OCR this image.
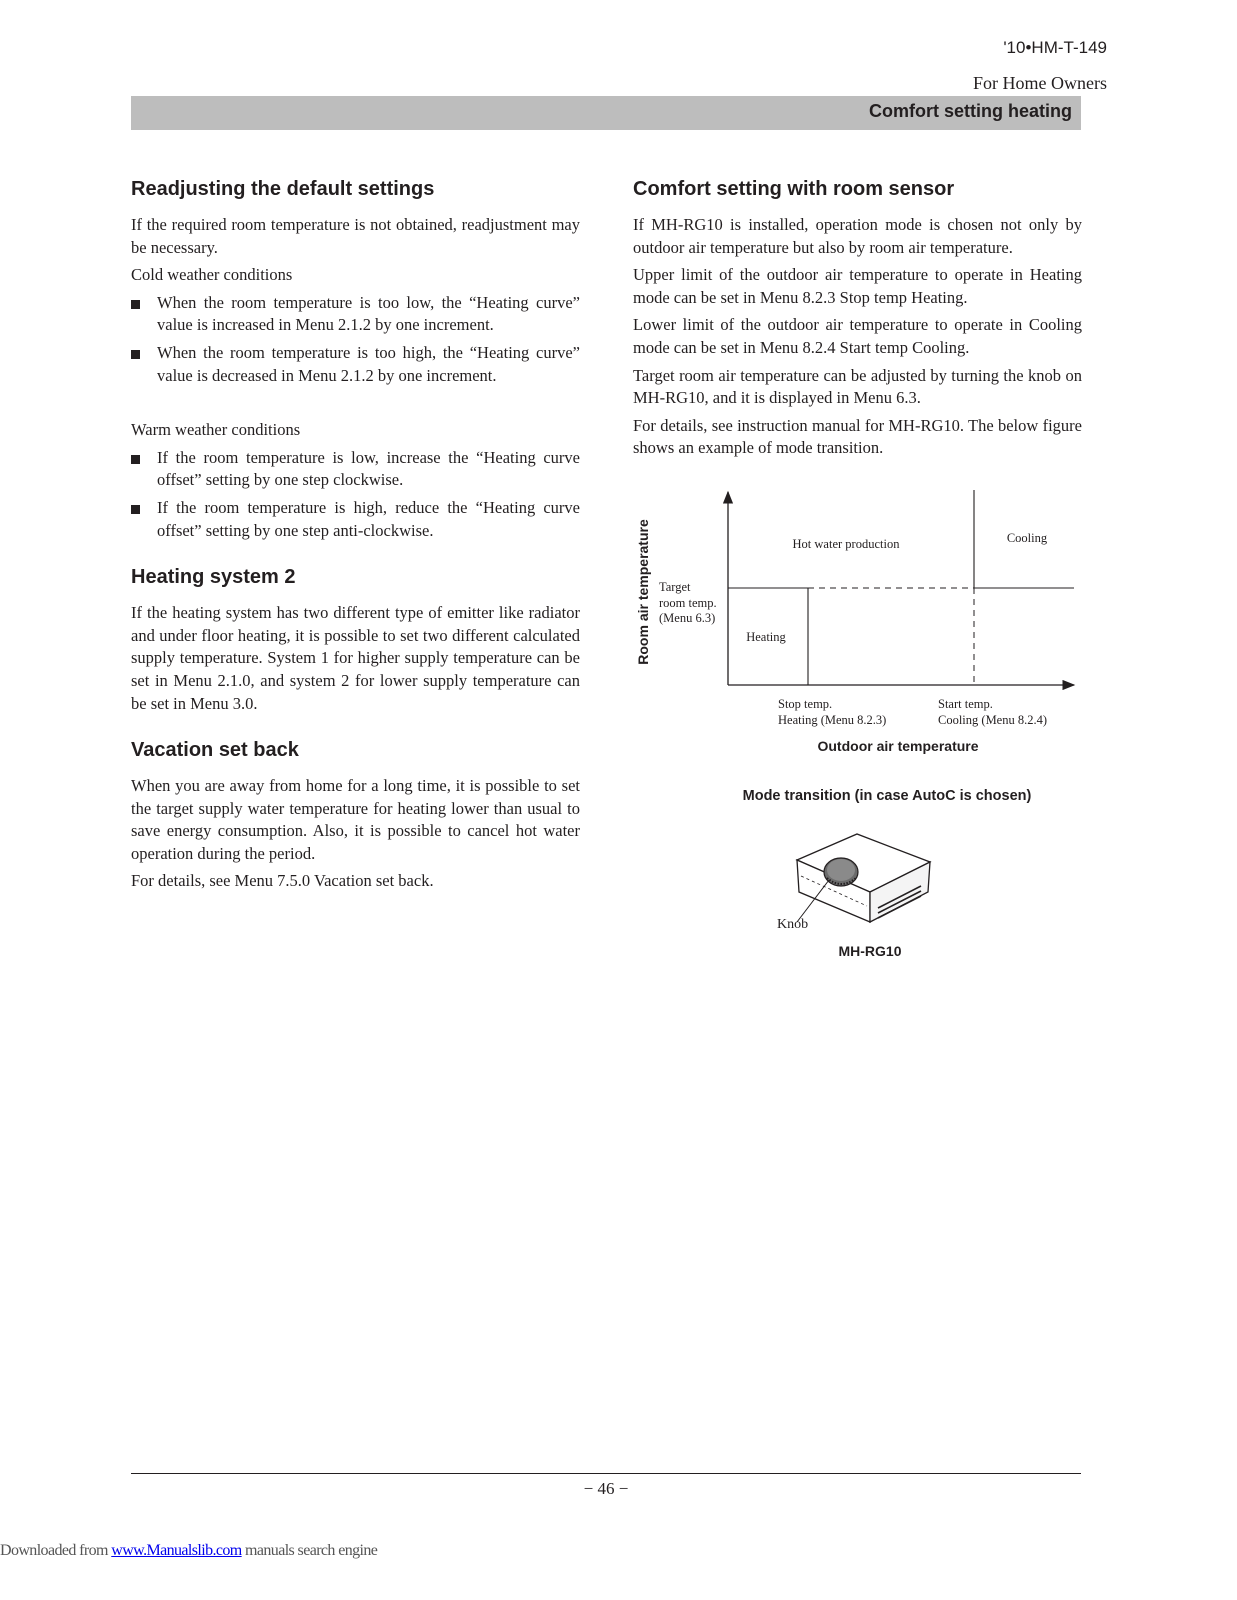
'10•HM-T-149
For Home Owners
Comfort setting heating
Readjusting the default settings

If the required room temperature is not obtained, readjustment may be necessary.

Cold weather conditions

When the room temperature is too low, the “Heating curve” value is increased in Menu 2.1.2 by one increment.
When the room temperature is too high, the “Heating curve” value is decreased in Menu 2.1.2 by one increment.

Warm weather conditions

If the room temperature is low, increase the “Heating curve offset” setting by one step clockwise.
If the room temperature is high, reduce the “Heating curve offset” setting by one step anti-clockwise.
Heating system 2

If the heating system has two different type of emitter like radiator and under floor heating, it is possible to set two different calculated supply temperature. System 1 for higher supply temperature can be set in Menu 2.1.0, and system 2 for lower supply temperature can be set in Menu 3.0.

Vacation set back

When you are away from home for a long time, it is possible to set the target supply water temperature for heating lower than usual to save energy consumption. Also, it is possible to cancel hot water operation during the period.

For details, see Menu 7.5.0 Vacation set back.

Comfort setting with room sensor

If MH-RG10 is installed, operation mode is chosen not only by outdoor air temperature but also by room air temperature.

Upper limit of the outdoor air temperature to operate in Heating mode can be set in Menu 8.2.3 Stop temp Heating.

Lower limit of the outdoor air temperature to operate in Cooling mode can be set in Menu 8.2.4 Start temp Cooling.

Target room air temperature can be adjusted by turning the knob on MH-RG10, and it is displayed in Menu 6.3.

For details, see instruction manual for MH-RG10. The below figure shows an example of mode transition.

Hot water production	Cooling
Heating
Target
room temp.
(Menu 6.3)
Room air temperature
Stop temp.
Heating (Menu 8.2.3)
Start temp.
Cooling (Menu 8.2.4)
Outdoor air temperature
Mode transition (in case AutoC is chosen)
Knob
MH-RG10
− 46 −
Downloaded from www.Manualslib.com manuals search engine
